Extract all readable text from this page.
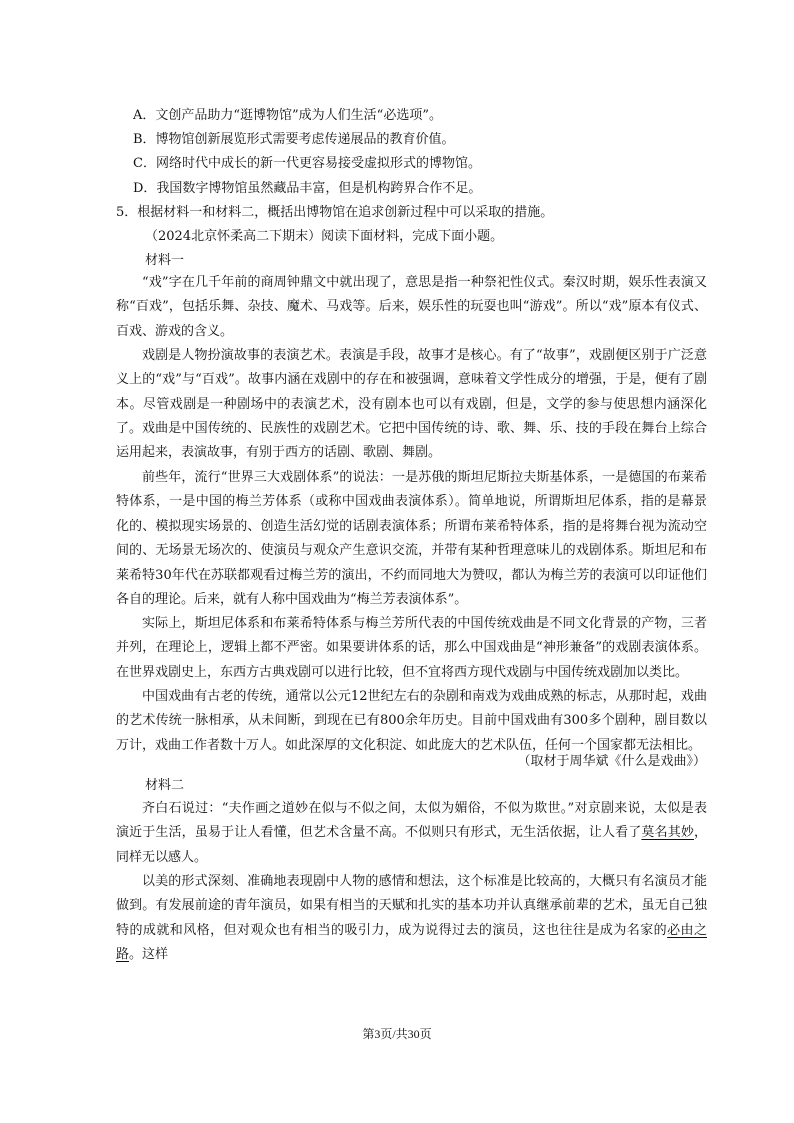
A．文创产品助力“逛博物馆”成为人们生活“必选项”。
B．博物馆创新展览形式需要考虑传递展品的教育价值。
C．网络时代中成长的新一代更容易接受虚拟形式的博物馆。
D．我国数字博物馆虽然藏品丰富，但是机构跨界合作不足。
5．根据材料一和材料二，概括出博物馆在追求创新过程中可以采取的措施。
（2024北京怀柔高二下期末）阅读下面材料，完成下面小题。
材料一
“戏”字在几千年前的商周钟鼎文中就出现了，意思是指一种祭祀性仪式。秦汉时期，娱乐性表演又称“百戏”，包括乐舞、杂技、魔术、马戏等。后来，娱乐性的玩耍也叫“游戏”。所以“戏”原本有仪式、百戏、游戏的含义。
戏剧是人物扮演故事的表演艺术。表演是手段，故事才是核心。有了“故事”，戏剧便区别于广泛意义上的“戏”与“百戏”。故事内涵在戏剧中的存在和被强调，意味着文学性成分的增强，于是，便有了剧本。尽管戏剧是一种剧场中的表演艺术，没有剧本也可以有戏剧，但是，文学的参与使思想内涵深化了。 戏曲是中国传统的、民族性的戏剧艺术。它把中国传统的诗、歌、舞、乐、技的手段在舞台上综合运用起来，表演故事，有别于西方的话剧、歌剧、舞剧。
前些年，流行“世界三大戏剧体系”的说法：一是苏俄的斯坦尼斯拉夫斯基体系，一是德国的布莱希特体系，一是中国的梅兰芳体系（或称中国戏曲表演体系）。简单地说，所谓斯坦尼体系，指的是幕景化的、模拟现实场景的、创造生活幻觉的话剧表演体系；所谓布莱希特体系，指的是将舞台视为流动空间的、无场景无场次的、使演员与观众产生意识交流，并带有某种哲理意味儿的戏剧体系。斯坦尼和布莱希特30年代在苏联都观看过梅兰芳的演出，不约而同地大为赞叹，都认为梅兰芳的表演可以印证他们各自的理论。后来，就有人称中国戏曲为“梅兰芳表演体系”。
实际上，斯坦尼体系和布莱希特体系与梅兰芳所代表的中国传统戏曲是不同文化背景的产物，三者并列，在理论上，逻辑上都不严密。如果要讲体系的话，那么中国戏曲是“神形兼备”的戏剧表演体系。在世界戏剧史上，东西方古典戏剧可以进行比较，但不宜将西方现代戏剧与中国传统戏剧加以类比。
中国戏曲有古老的传统，通常以公元12世纪左右的杂剧和南戏为戏曲成熟的标志，从那时起，戏曲的艺术传统一脉相承，从未间断，到现在已有800余年历史。目前中国戏曲有300多个剧种，剧目数以万计，戏曲工作者数十万人。如此深厚的文化积淀、如此庞大的艺术队伍，任何一个国家都无法相比。
（取材于周华斌《什么是戏曲》）
材料二
齐白石说过：“夫作画之道妙在似与不似之间，太似为媚俗，不似为欺世。”对京剧来说，太似是表演近于生活，虽易于让人看懂，但艺术含量不高。不似则只有形式，无生活依据，让人看了莫名其妙，同样无以感人。
以美的形式深刻、准确地表现剧中人物的感情和想法，这个标准是比较高的，大概只有名演员才能做到。有发展前途的青年演员，如果有相当的天赋和扎实的基本功并认真继承前辈的艺术，虽无自己独特的成就和风格，但对观众也有相当的吸引力，成为说得过去的演员，这也往往是成为名家的必由之路。这样
第3页/共30页
